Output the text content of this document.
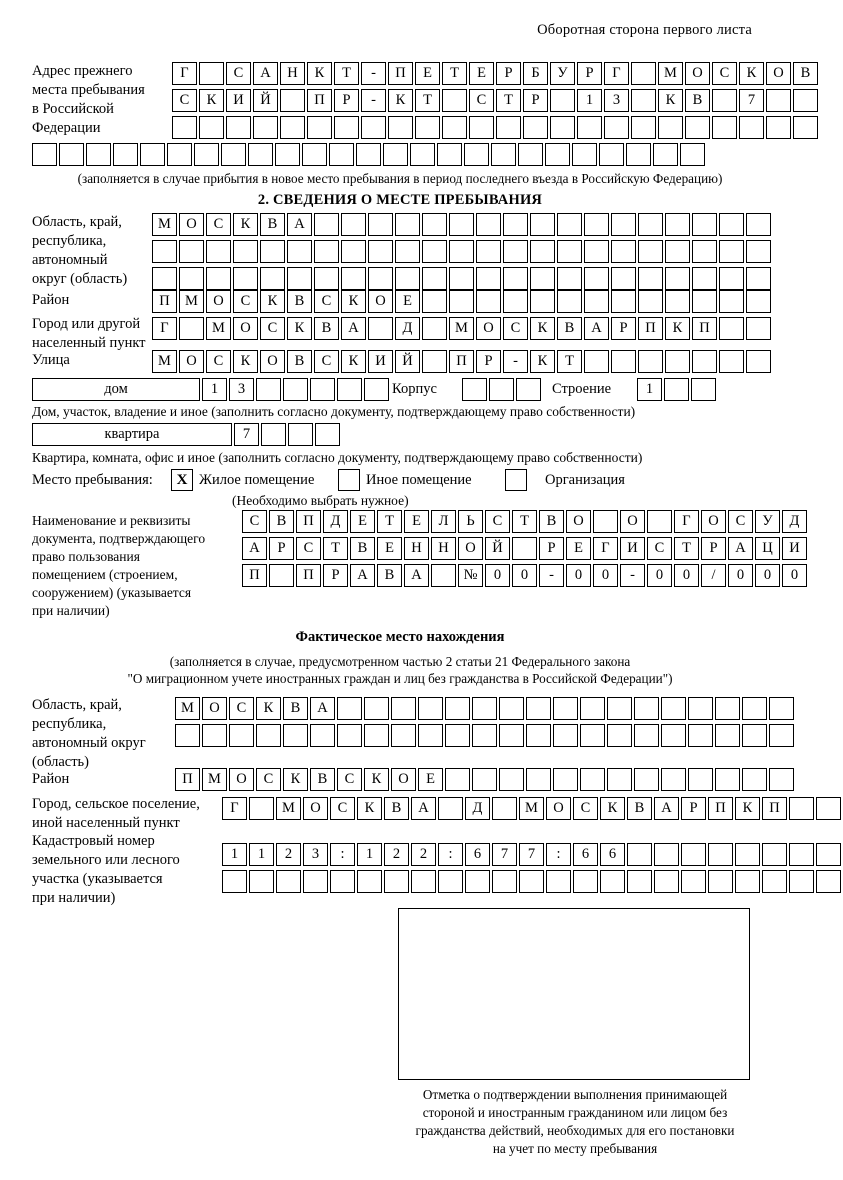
Оборотная сторона первого листа
Адрес прежнего
места пребывания
в Российской
Федерации
Г	С	А	Н	К	Т	-	П	Е	Т	Е	Р	Б	У	Р	Г	М	О	С	К	О	В
С	К	И	Й	П	Р	-	К	Т	С	Т	Р	1	3	К	В	7
(заполняется в случае прибытия в новое место пребывания в период последнего въезда в Российскую Федерацию)
2. СВЕДЕНИЯ О МЕСТЕ ПРЕБЫВАНИЯ
Область, край,
республика,
автономный
округ (область)
М	О	С	К	В	А
Район	П	М	О	С	К	В	С	К	О	Е
Город или другой
населенный пункт
Г	М	О	С	К	В	А	Д	М	О	С	К	В	А	Р	П	К	П
Улица	М	О	С	К	О	В	С	К	И	Й	П	Р	-	К	Т
дом	1	3	Корпус	Строение	1
Дом, участок, владение и иное (заполнить согласно документу, подтверждающему право собственности)
квартира	7
Квартира, комната, офис и иное (заполнить согласно документу, подтверждающему право собственности)
Место пребывания:	X Жилое помещение	Иное помещение	Организация
(Необходимо выбрать нужное)
Наименование и реквизиты
документа, подтверждающего
право пользования
помещением (строением,
сооружением) (указывается
при наличии)
С	В	П	Д	Е	Т	Е	Л	Ь	С	Т	В	О	О	Г	О	С	У	Д
А	Р	С	Т	В	Е	Н	Н	О	Й	Р	Е	Г	И	С	Т	Р	А	Ц	И
П	П	Р	А	В	А	№	0	0	-	0	0	-	0	0	/	0	0	0
Фактическое место нахождения
(заполняется в случае, предусмотренном частью 2 статьи 21 Федерального закона
"О миграционном учете иностранных граждан и лиц без гражданства в Российской Федерации")
Область, край,
республика,
автономный округ
(область)
М	О	С	К	В	А
Район	П	М	О	С	К	В	С	К	О	Е
Город, сельское поселение,
иной населенный пункт
Г	М	О	С	К	В	А	Д	М	О	С	К	В	А	Р	П	К	П
Кадастровый номер
земельного или лесного
участка (указывается
при наличии)
1	1	2	3	:	1	2	2	:	6	7	7	:	6	6
Отметка о подтверждении выполнения принимающей
стороной и иностранным гражданином или лицом без
гражданства действий, необходимых для его постановки
на учет по месту пребывания
